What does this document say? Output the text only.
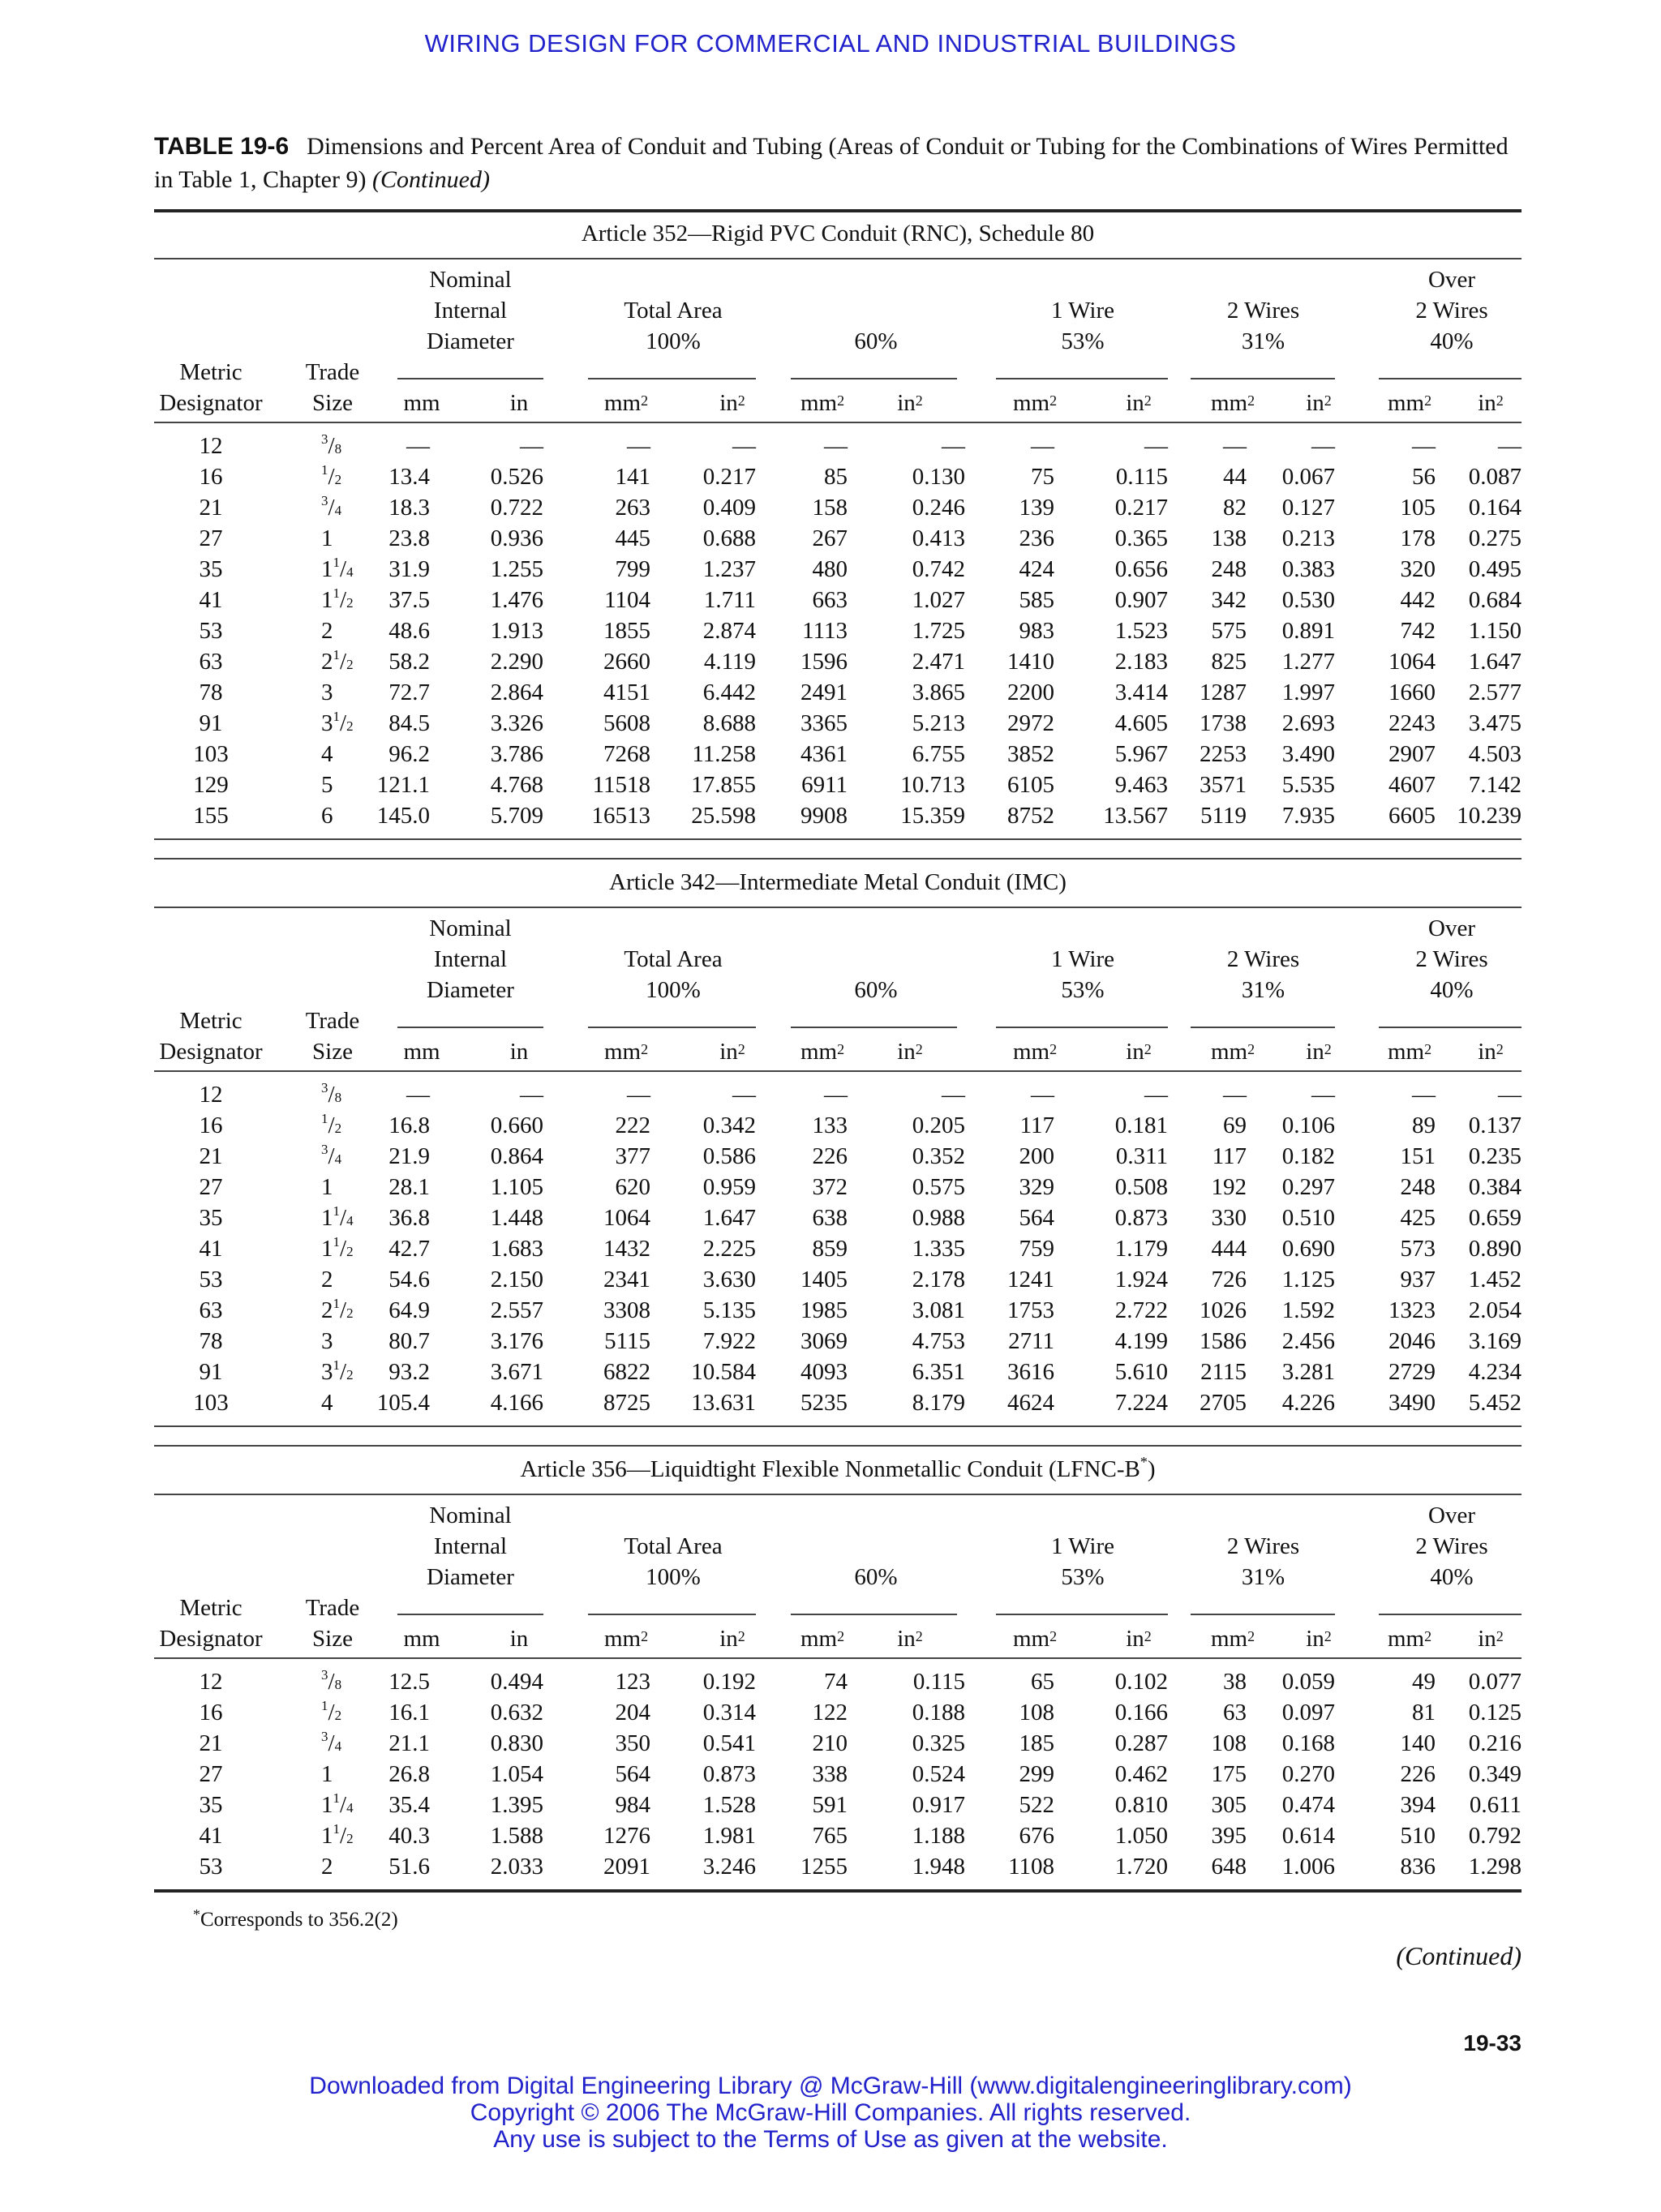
WIRING DESIGN FOR COMMERCIAL AND INDUSTRIAL BUILDINGS
TABLE 19-6 Dimensions and Percent Area of Conduit and Tubing (Areas of Conduit or Tubing for the Combinations of Wires Permitted in Table 1, Chapter 9) (Continued)
Article 352—Rigid PVC Conduit (RNC), Schedule 80
Nominal
Internal
Diameter
Total Area
100%	60%
1 Wire
53%
2 Wires
31%
Over
2 Wires
40%
Metric
Designator
Trade
Size	mm	in	$mm^2$	$in^2$	$mm^2$	$in^2$	$mm^2$	$in^2$	$mm^2$	$in^2$	$mm^2$	$in^2$
12	$^3$/8	—	—	—	—	—	—	—	— —	—	—	—
16	$^1$/2 13.4	0.526	141 0.217	85	0.130	75	0.115 44 0.067	56 0.087
21	$^3$/4 18.3	0.722	263 0.409 158	0.246 139	0.217 82 0.127	105 0.164
27	1 23.8	0.936	445 0.688 267	0.413 236	0.365 138 0.213	178 0.275
35	$1^1/4$ 31.9	1.255	799 1.237 480	0.742 424	0.656 248 0.383	320 0.495
41	$1^1/2$ 37.5	1.476	1104 1.711 663	1.027 585	0.907 342 0.530	442 0.684
53	2 48.6	1.913	1855 2.874 1113	1.725 983	1.523 575 0.891	742 1.150
63	$2^1/2$ 58.2	2.290	2660 4.119 1596	2.471 1410	2.183 825 1.277 1064 1.647
78	3 72.7	2.864	4151 6.442 2491	3.865 2200	3.414 1287 1.997 1660 2.577
91	$3^1/2$ 84.5	3.326	5608 8.688 3365	5.213 2972	4.605 1738 2.693 2243 3.475
103	4 96.2	3.786	7268 11.258 4361	6.755 3852	5.967 2253 3.490 2907 4.503
129	5 121.1	4.768 11518 17.855 6911 10.713 6105	9.463 3571 5.535 4607 7.142
155	6 145.0	5.709 16513 25.598 9908 15.359 8752 13.567 5119 7.935 6605 10.239
Article 342—Intermediate Metal Conduit (IMC)
Nominal
Internal
Diameter
Total Area
100%	60%
1 Wire
53%
2 Wires
31%
Over
2 Wires
40%
Metric
Designator
Trade
Size	mm	in	$mm^2$	$in^2$	$mm^2$	$in^2$	$mm^2$	$in^2$	$mm^2$	$in^2$	$mm^2$	$in^2$
12	$^3$/8	—	—	—	—	—	—	—	— —	—	—	—
16	$^1$/2 16.8	0.660	222 0.342 133	0.205 117	0.181 69 0.106	89 0.137
21	$^3$/4 21.9	0.864	377 0.586 226	0.352 200	0.311 117 0.182	151 0.235
27	1 28.1	1.105	620 0.959 372	0.575 329	0.508 192 0.297	248 0.384
35	$1^1/4$ 36.8	1.448	1064 1.647 638	0.988 564	0.873 330 0.510	425 0.659
41	$1^1/2$ 42.7	1.683	1432 2.225 859	1.335 759	1.179 444 0.690	573 0.890
53	2 54.6	2.150	2341 3.630 1405	2.178 1241	1.924 726 1.125	937 1.452
63	$2^1/2$ 64.9	2.557	3308 5.135 1985	3.081 1753	2.722 1026 1.592 1323 2.054
78	3 80.7	3.176	5115 7.922 3069	4.753 2711	4.199 1586 2.456 2046 3.169
91	$3^1/2$ 93.2	3.671	6822 10.584 4093	6.351 3616	5.610 2115 3.281 2729 4.234
103	4 105.4	4.166	8725 13.631 5235	8.179 4624	7.224 2705 4.226 3490 5.452
Article 356—Liquidtight Flexible Nonmetallic Conduit (LFNC-B*)
Nominal
Internal
Diameter
Total Area
100%	60%
1 Wire
53%
2 Wires
31%
Over
2 Wires
40%
Metric
Designator
Trade
Size	mm	in	$mm^2$	$in^2$	$mm^2$	$in^2$	$mm^2$	$in^2$	$mm^2$	$in^2$	$mm^2$	$in^2$
12	$^3$/8 12.5	0.494	123 0.192	74	0.115	65	0.102 38 0.059	49 0.077
16	$^1$/2 16.1	0.632	204 0.314 122	0.188 108	0.166 63 0.097	81 0.125
21	$^3$/4 21.1	0.830	350 0.541 210	0.325 185	0.287 108 0.168	140 0.216
27	1 26.8	1.054	564 0.873 338	0.524 299	0.462 175 0.270	226 0.349
35	$1^1/4$ 35.4	1.395	984 1.528 591	0.917 522	0.810 305 0.474	394 0.611
41	$1^1/2$ 40.3	1.588	1276 1.981 765	1.188 676	1.050 395 0.614	510 0.792
53	2 51.6	2.033	2091 3.246 1255	1.948 1108	1.720 648 1.006	836 1.298
*Corresponds to 356.2(2)
(Continued)
19-33
Downloaded from Digital Engineering Library @ McGraw-Hill (www.digitalengineeringlibrary.com)
Copyright © 2006 The McGraw-Hill Companies. All rights reserved.
Any use is subject to the Terms of Use as given at the website.
